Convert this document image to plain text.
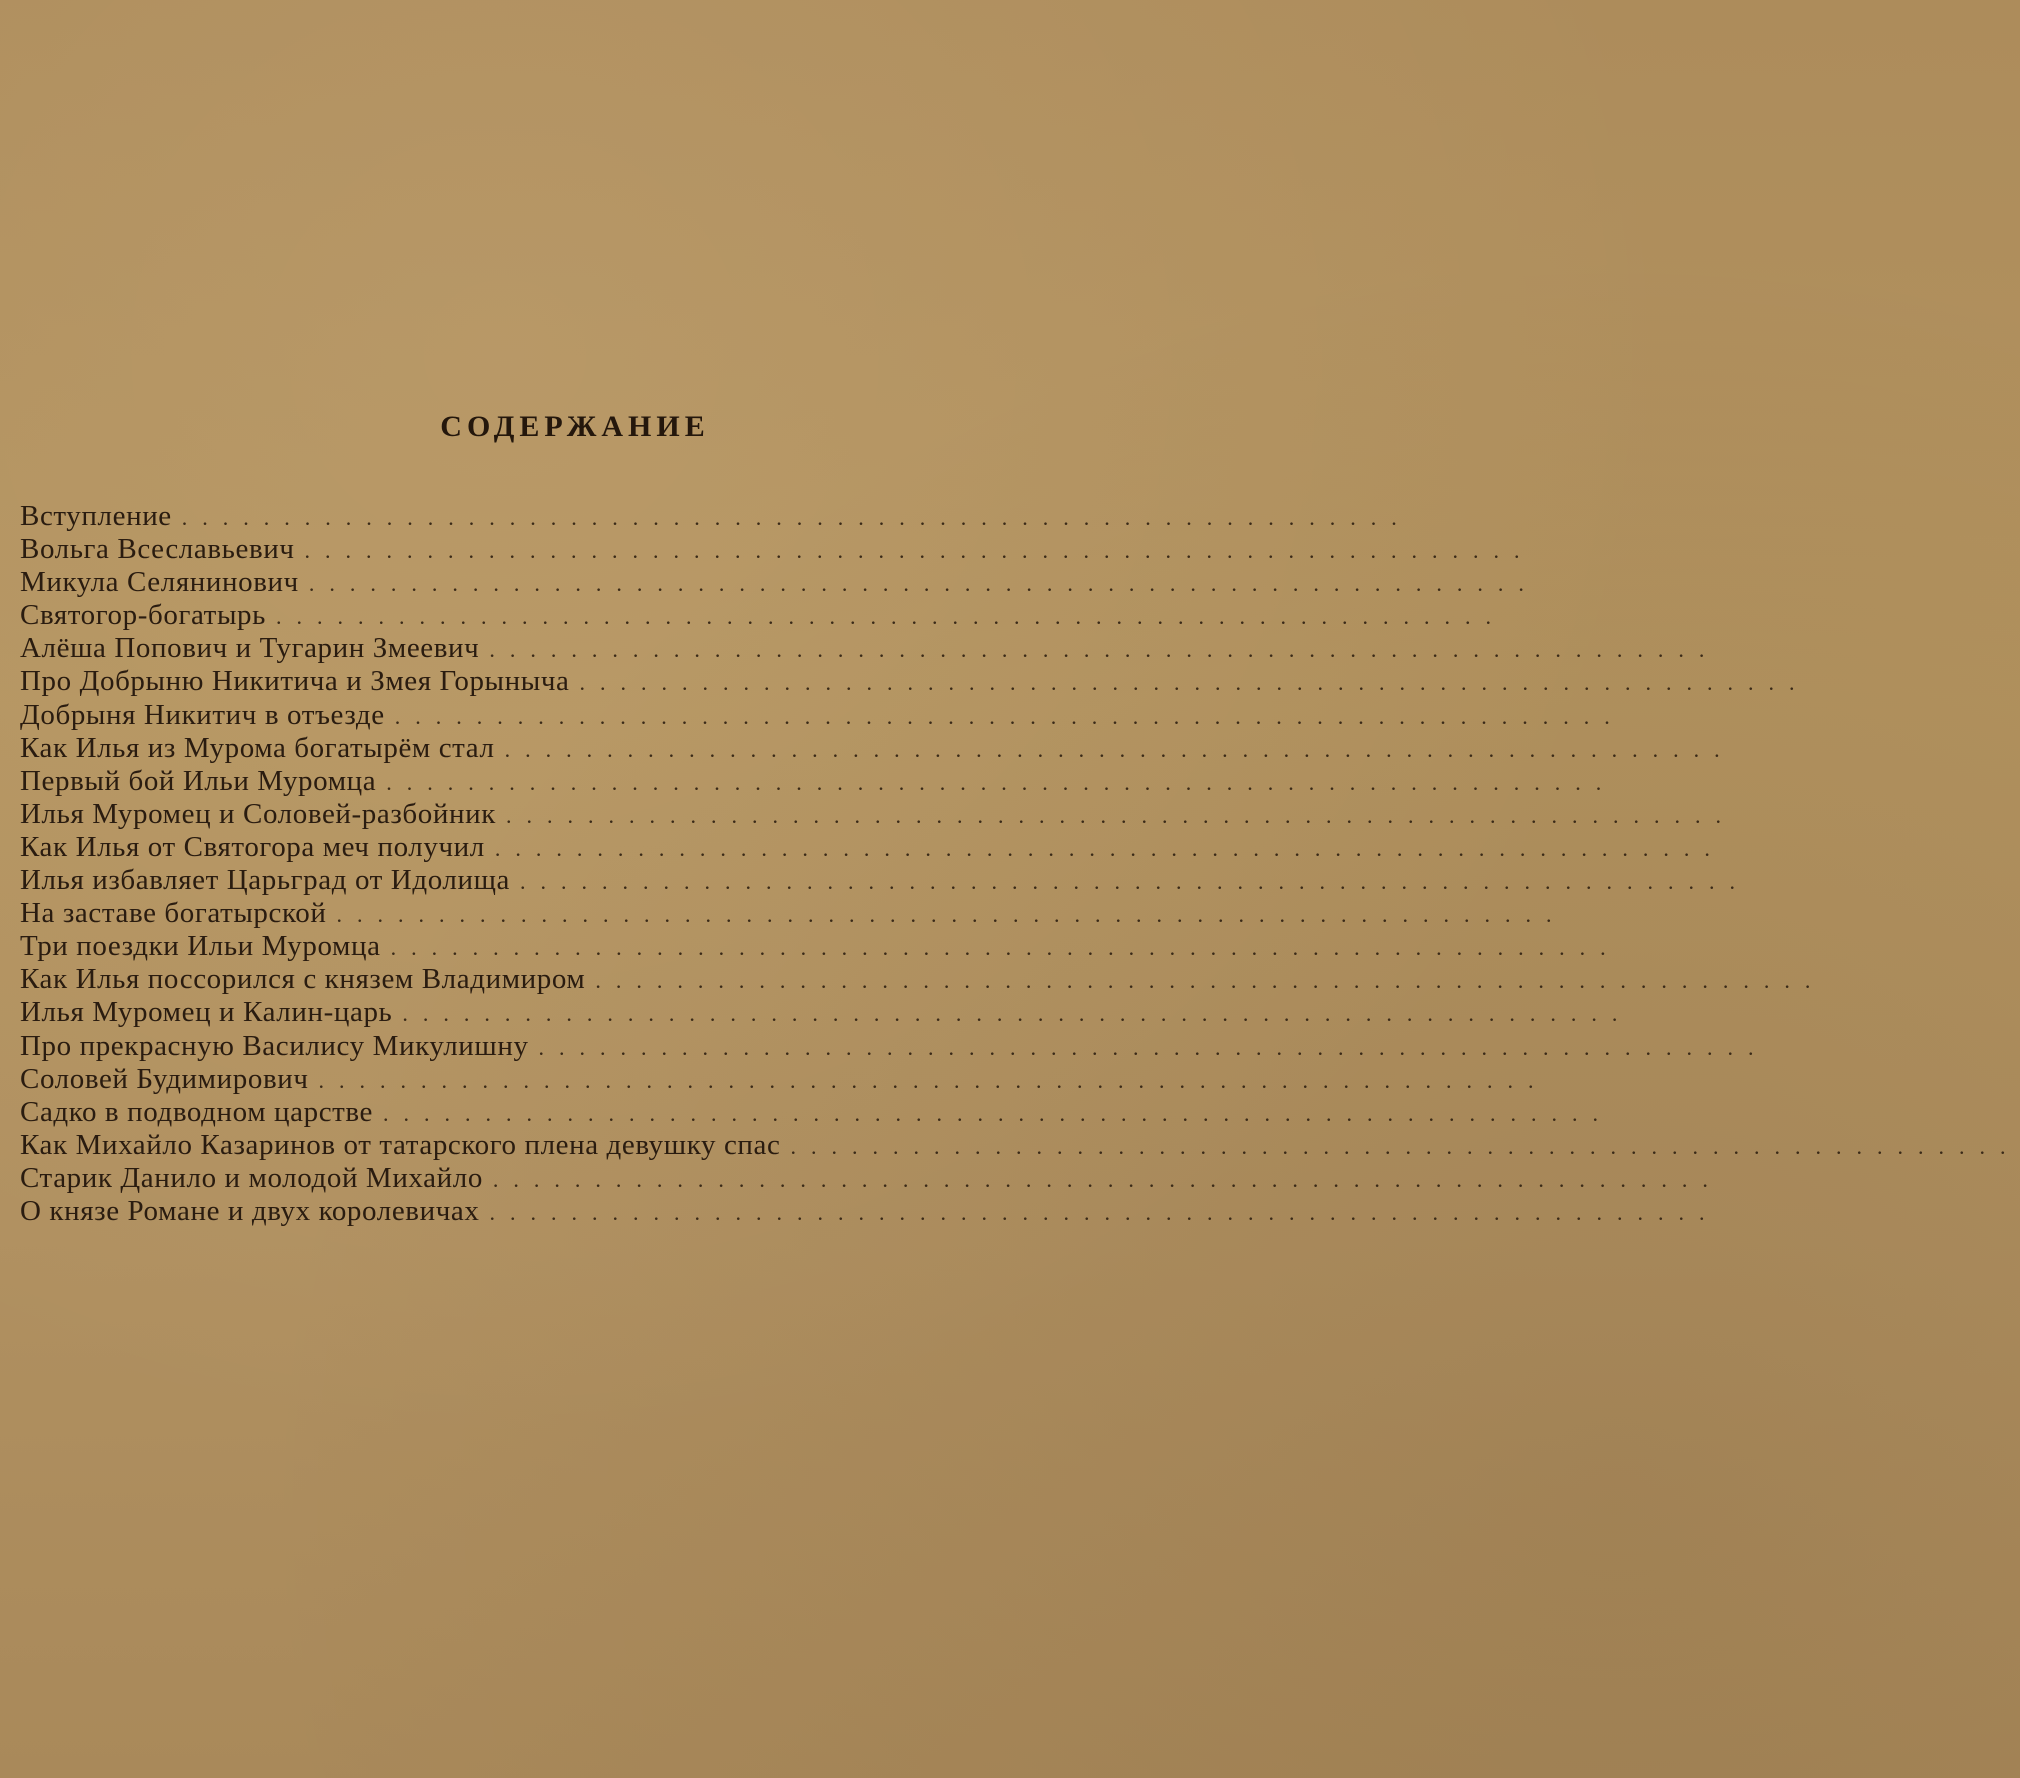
СОДЕРЖАНИЕ
Вступление ............................................................
Вольга Всеславьевич ............................................................
Микула Селянинович ............................................................
Святогор-богатырь ............................................................
Алёша Попович и Тугарин Змеевич ............................................................
Про Добрыню Никитича и Змея Горыныча ............................................................
Добрыня Никитич в отъезде ............................................................
Как Илья из Мурома богатырём стал ............................................................
Первый бой Ильи Муромца ............................................................
Илья Муромец и Соловей-разбойник ............................................................
Как Илья от Святогора меч получил ............................................................
Илья избавляет Царьград от Идолища ............................................................
На заставе богатырской ............................................................
Три поездки Ильи Муромца ............................................................
Как Илья поссорился с князем Владимиром ............................................................
Илья Муромец и Калин-царь ............................................................
Про прекрасную Василису Микулишну ............................................................
Соловей Будимирович ............................................................
Садко в подводном царстве ............................................................
Как Михайло Казаринов от татарского плена девушку спас ............................................................
Старик Данило и молодой Михайло ............................................................
О князе Ромaне и двух королевичах ............................................................
